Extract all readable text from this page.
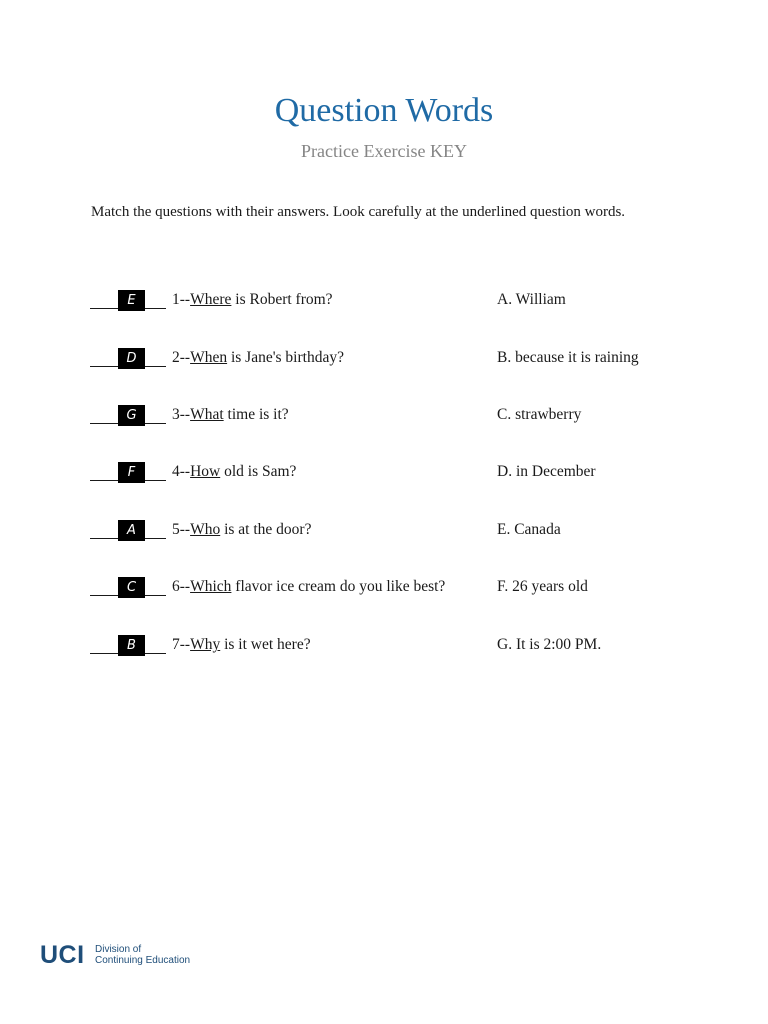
Question Words
Practice Exercise KEY
Match the questions with their answers. Look carefully at the underlined question words.
E	1--Where is Robert from?	A. William
D	2--When is Jane's birthday?	B. because it is raining
G	3--What time is it?	C. strawberry
F	4--How old is Sam?	D. in December
A	5--Who is at the door?	E. Canada
C	6--Which flavor ice cream do you like best?	F. 26 years old
B	7--Why is it wet here?	G. It is 2:00 PM.
UCI Division of
Continuing Education
